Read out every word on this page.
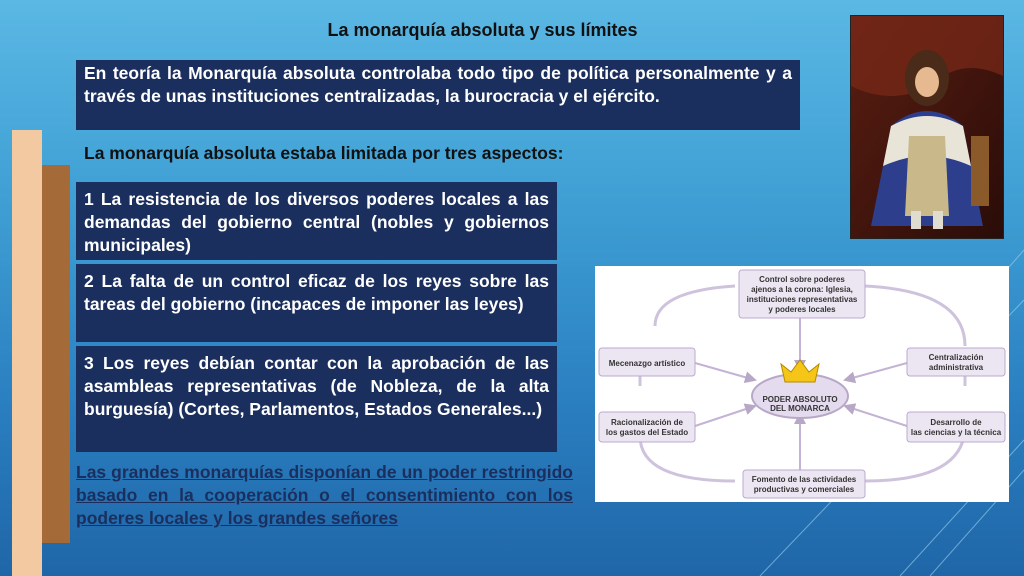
La monarquía absoluta y sus límites
En teoría la Monarquía absoluta controlaba todo tipo de política personalmente y a través de unas instituciones centralizadas, la burocracia y el ejército.
La monarquía absoluta estaba limitada por tres aspectos:
1 La resistencia de los diversos poderes locales a las demandas del gobierno central (nobles y gobiernos municipales)
2 La falta de un control eficaz de los reyes sobre las tareas del gobierno (incapaces de imponer las leyes)
3 Los reyes debían contar con la aprobación de las asambleas representativas (de Nobleza, de la alta burguesía) (Cortes, Parlamentos, Estados Generales...)
Las grandes monarquías disponían de un poder restringido basado en la cooperación o el consentimiento con los poderes locales y los grandes señores
PODER ABSOLUTO
DEL MONARCA
Control sobre poderes
ajenos a la corona: Iglesia,
instituciones representativas
y poderes locales
Mecenazgo artístico
Centralización
administrativa
Racionalización de
los gastos del Estado
Desarrollo de
las ciencias y la técnica
Fomento de las actividades
productivas y comerciales
